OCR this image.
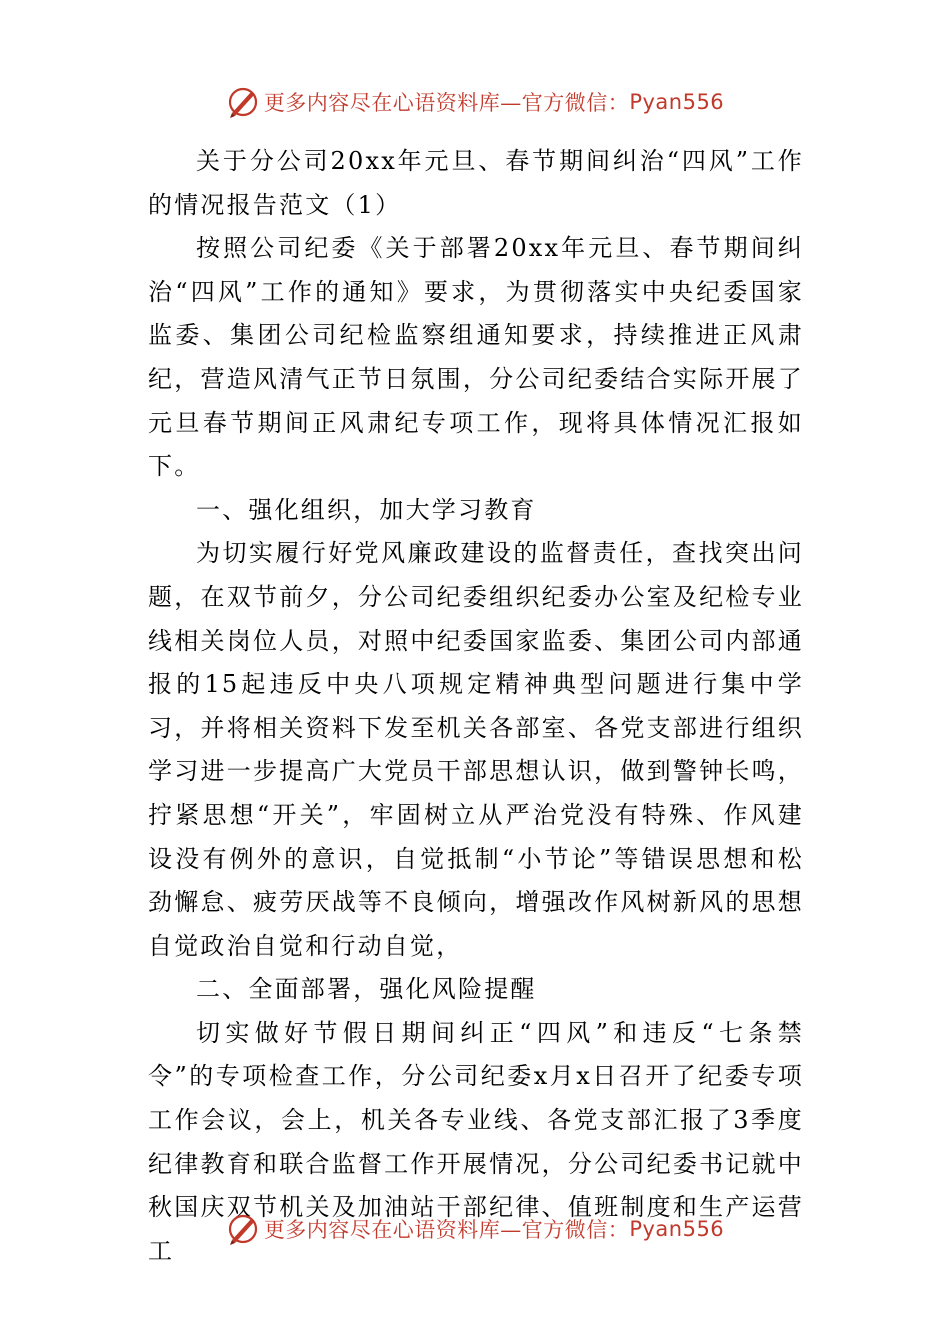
更多内容尽在心语资料库—官方微信： Pyan556

关于分公司20xx年元旦、春节期间纠治“四风”工作的情况报告范文（1）

按照公司纪委《关于部署20xx年元旦、春节期间纠治“四风”工作的通知》要求，为贯彻落实中央纪委国家监委、集团公司纪检监察组通知要求，持续推进正风肃纪，营造风清气正节日氛围，分公司纪委结合实际开展了元旦春节期间正风肃纪专项工作，现将具体情况汇报如下。

一、强化组织，加大学习教育

为切实履行好党风廉政建设的监督责任，查找突出问题，在双节前夕，分公司纪委组织纪委办公室及纪检专业线相关岗位人员，对照中纪委国家监委、集团公司内部通报的15起违反中央八项规定精神典型问题进行集中学习，并将相关资料下发至机关各部室、各党支部进行组织学习进一步提高广大党员干部思想认识，做到警钟长鸣，拧紧思想“开关”，牢固树立从严治党没有特殊、作风建设没有例外的意识，自觉抵制“小节论”等错误思想和松劲懈怠、疲劳厌战等不良倾向，增强改作风树新风的思想自觉政治自觉和行动自觉，

二、全面部署，强化风险提醒

切实做好节假日期间纠正“四风”和违反“七条禁令”的专项检查工作，分公司纪委x月x日召开了纪委专项工作会议，会上，机关各专业线、各党支部汇报了3季度纪律教育和联合监督工作开展情况，分公司纪委书记就中秋国庆双节机关及加油站干部纪律、值班制度和生产运营工

更多内容尽在心语资料库—官方微信： Pyan556
